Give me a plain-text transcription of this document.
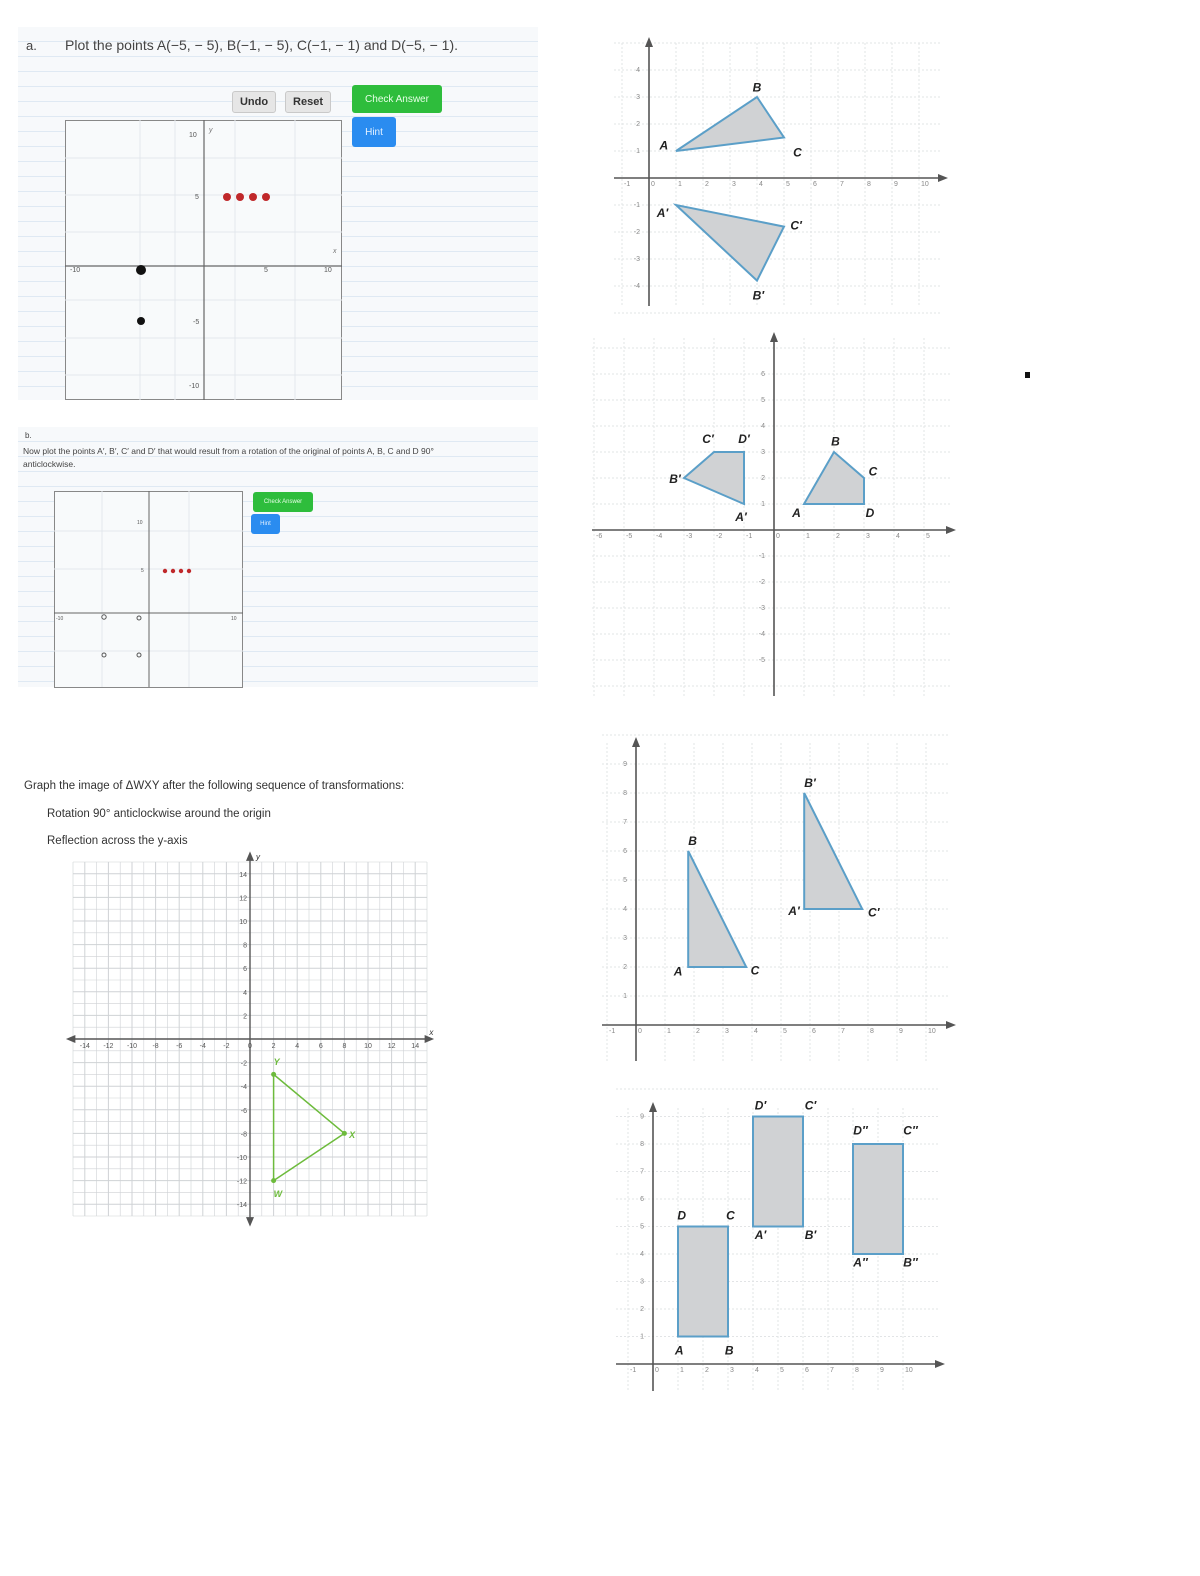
a. Plot the points A(−5, − 5), B(−1, − 5), C(−1, − 1) and D(−5, − 1).
Undo	Reset	Check Answer
Hint
y
x
10
5
-5
-10
-10	5	10
b.
Now plot the points A′, B′, C′ and D′ that would result from a rotation of the original of points A, B, C and D 90°
anticlockwise.
Check Answer
Hint
10
5
-10	10
Graph the image of ΔWXY after the following sequence of transformations:
Rotation 90° anticlockwise around the origin
Reflection across the y-axis
y
x
-14 -12 -10 -8 -6 -4 -2	0	2	4	6	8	10 12 14
14
12
10
8
6
4
2
-2
-4
-6
-8
-10
-12
-14
W
X
Y
-1	0	1	2	3	4	5	6	7	8	9	10
4
3
2
1
-1
-2
-3
-4
A
B
C
A′
B′
C′
-6	-5	-4	-3	-2	-1	0	1	2	3	4	5
6
5
4
3
2
1
-1
-2
-3
-4
-5
A
B
C
D
A′
B′
C′ D′
-1	0	1	2	3	4	5	6	7	8	9	10
9
8
7
6
5
4
3
2
1
A
B
C
A′
B′
C′
-1	0	1	2	3	4	5	6	7	8	9	10
9
8
7
6
5
4
3
2
1
A	B
C
D
A′	B′
C′
D′
A″	B″
C″
D″
